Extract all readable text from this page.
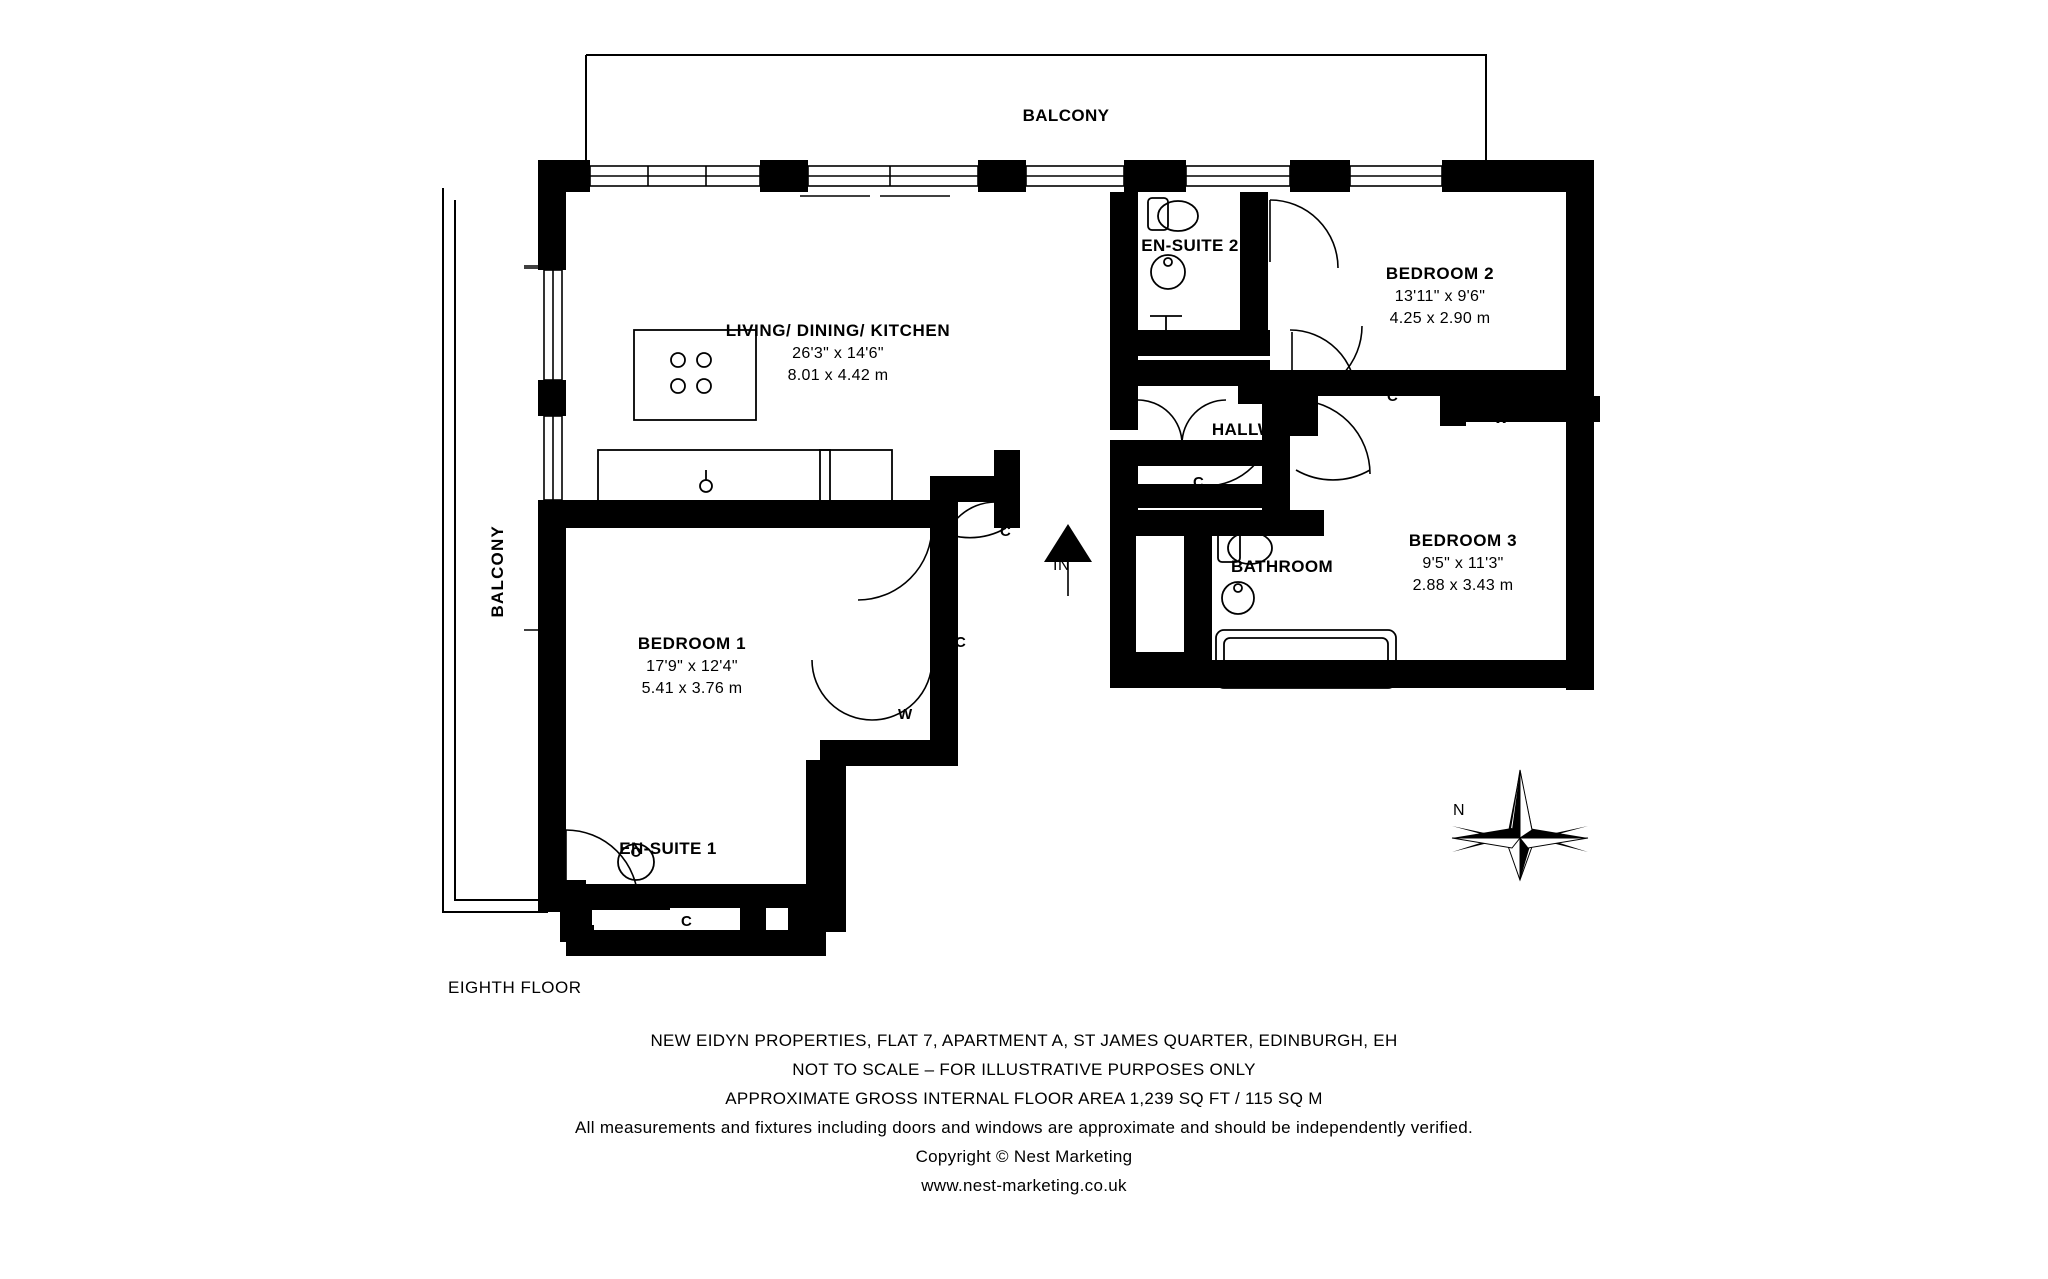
BALCONY
BALCONY
LIVING/ DINING/ KITCHEN
26'3" x 14'6"
8.01 x 4.42 m
BEDROOM 1
17'9" x 12'4"
5.41 x 3.76 m
BEDROOM 2
13'11" x 9'6"
4.25 x 2.90 m
BEDROOM 3
9'5" x 11'3"
2.88 x 3.43 m
EN-SUITE 1
EN-SUITE 2
BATHROOM
HALLWAY
C
C
C
C
C
C
W
W
IN
N
EIGHTH FLOOR
NEW EIDYN PROPERTIES, FLAT 7, APARTMENT A, ST JAMES QUARTER, EDINBURGH, EH
NOT TO SCALE – FOR ILLUSTRATIVE PURPOSES ONLY
APPROXIMATE GROSS INTERNAL FLOOR AREA 1,239 SQ FT / 115 SQ M
All measurements and fixtures including doors and windows are approximate and should be independently verified.
Copyright © Nest Marketing
www.nest-marketing.co.uk
